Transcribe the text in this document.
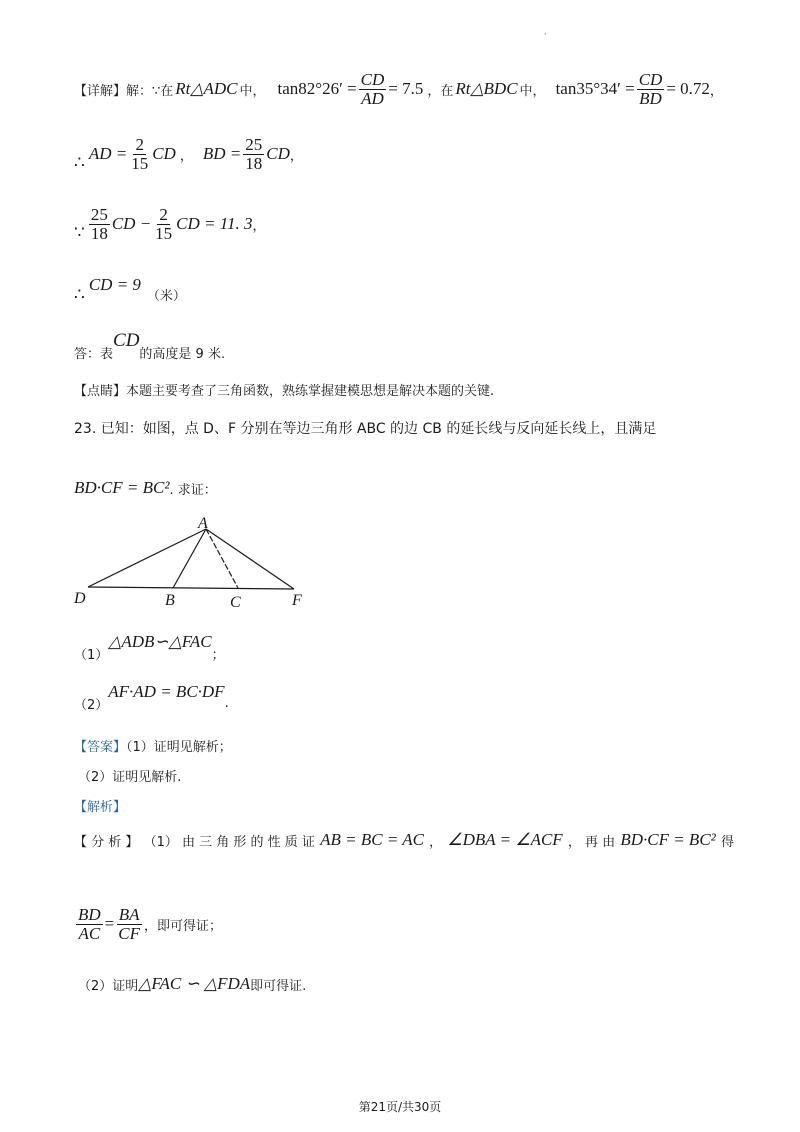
·
【详解】 解：∵在 Rt△ADC 中， $\tan 82^\circ 26' = \frac{CD}{AD} = 7.5$ ，在 Rt△BDC 中， $\tan 35^\circ 34' = \frac{CD}{BD} = 0.72$ ，
∴ AD = $\frac{2}{15}$ CD ， BD = $\frac{25}{18}$ CD ，
∵ $\frac{25}{18}$ CD − $\frac{2}{15}$ CD = 11. 3 ，
∴
CD = 9
（米）
答：表
CD
的高度是 9 米.
【点睛】本题主要考查了三角函数，熟练掌握建模思想是解决本题的关键.
23. 已知：如图，点 D、F 分别在等边三角形 ABC 的边 CB 的延长线与反向延长线上，且满足
BD·CF = BC² . 求证：
A
D	B	C	F
（1）
△ADB∽△FAC
；
（2）
AF·AD = BC·DF
.
【答案】（1）证明见解析；
（2）证明见解析.
【解析】
【 分 析 】 （1） 由 三 角 形 的 性 质 证 AB = BC = AC ， ∠DBA = ∠ACF ， 再 由 BD·CF = BC² 得
$\frac{BD}{AC} = \frac{BA}{CF}$ ，即可得证；
（2）证明 △FAC ∽ △FDA 即可得证.
第21页/共30页
